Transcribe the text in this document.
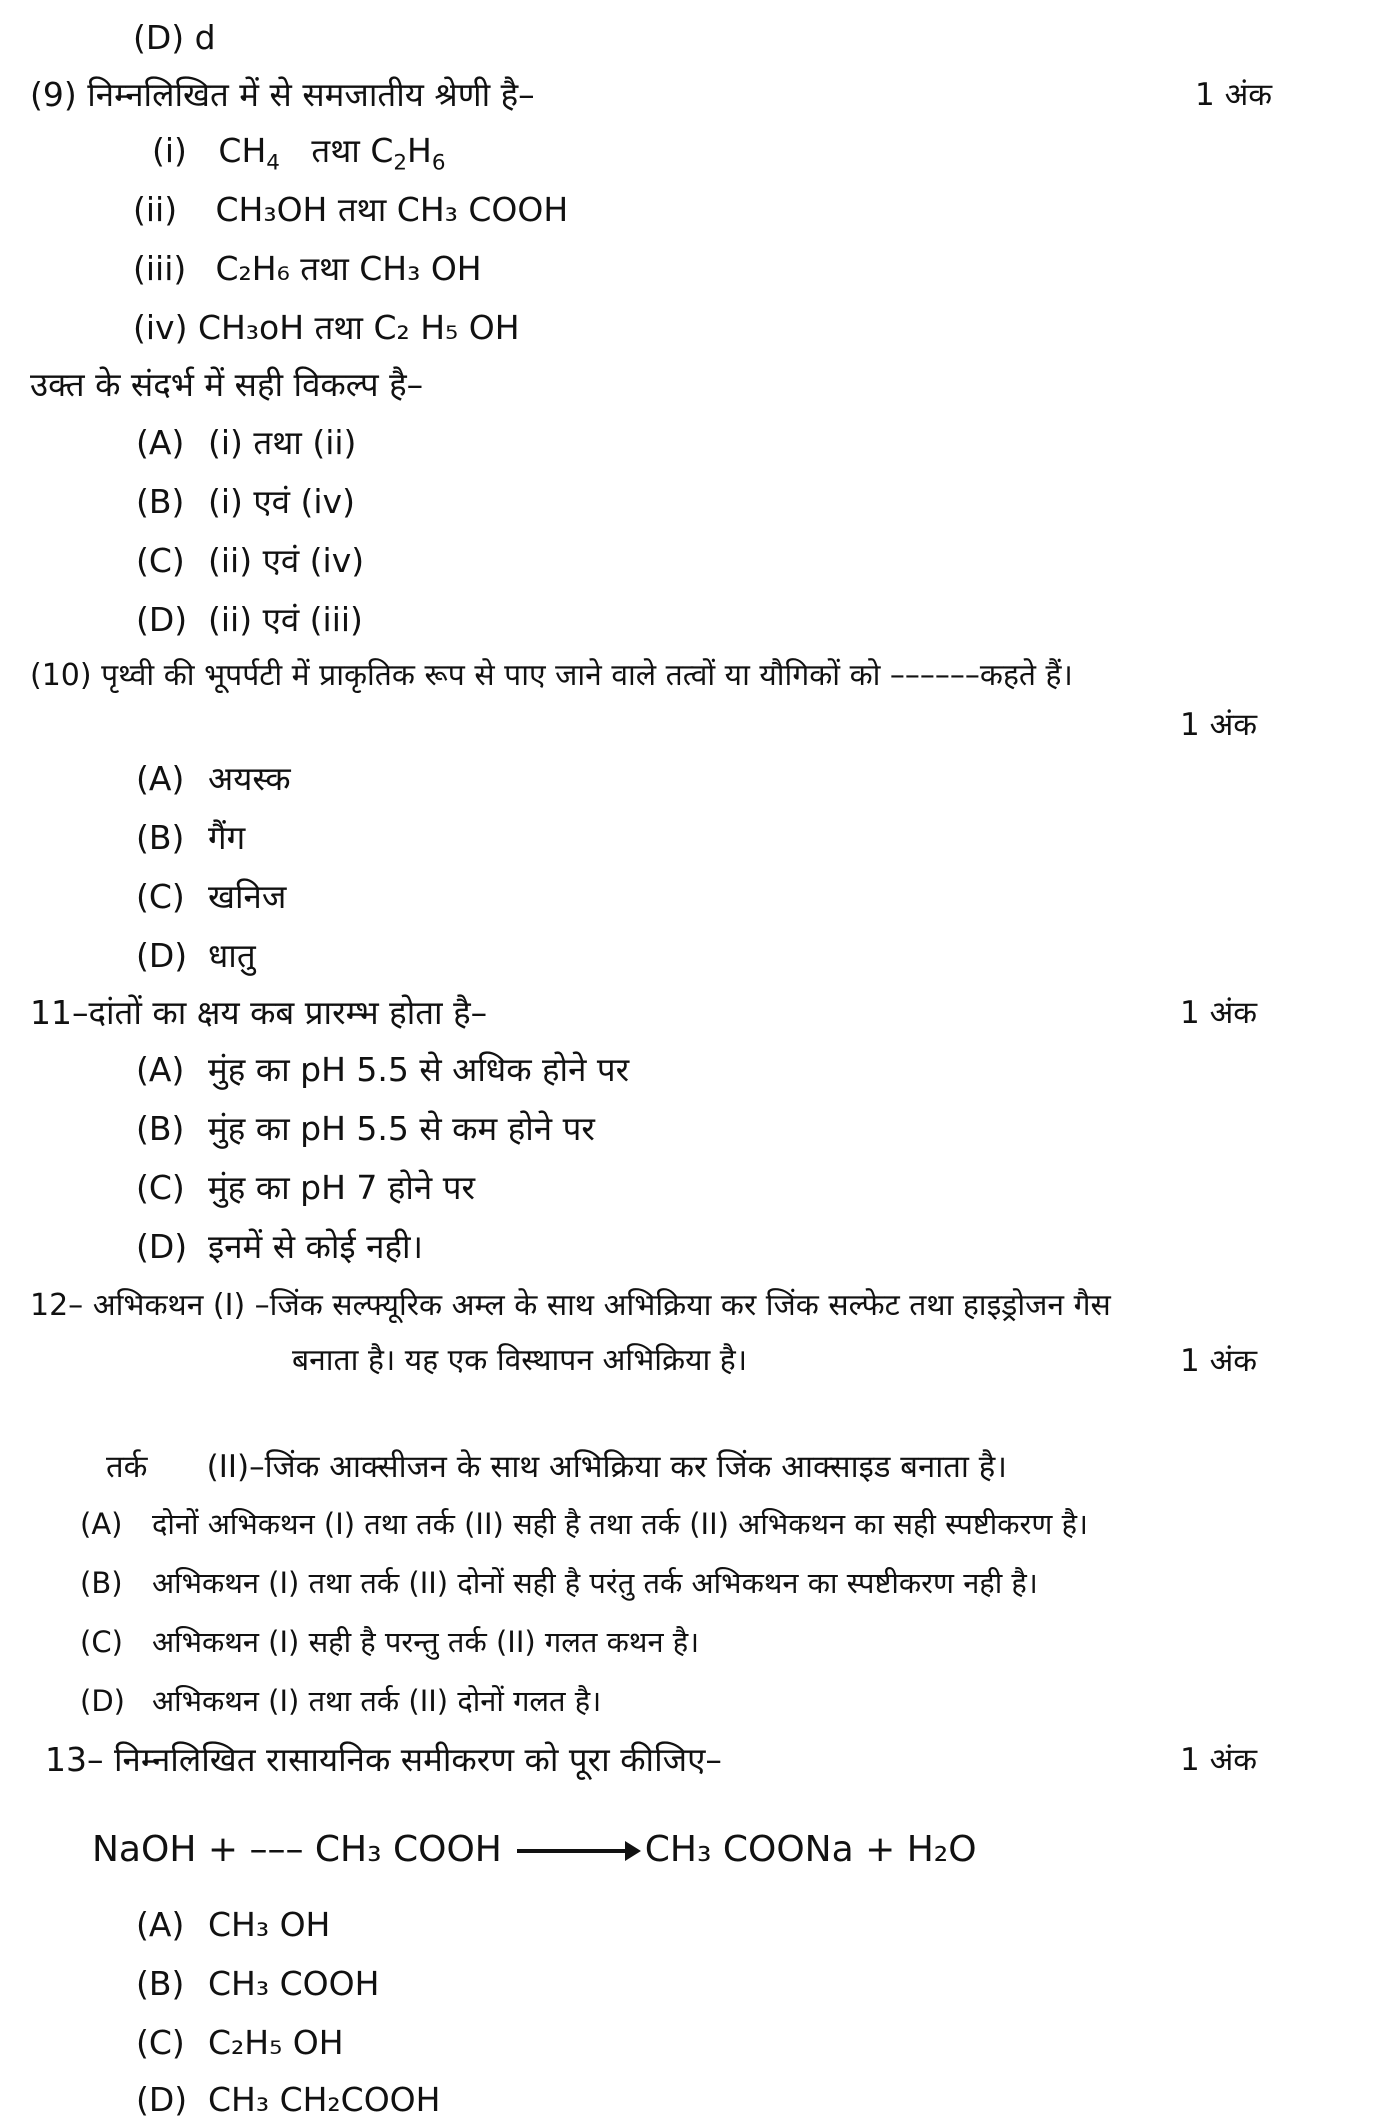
(D) d
(9) निम्नलिखित में से समजातीय श्रेणी है–	1 अंक
(i) $CH_4$ तथा $C_2H_6$
(ii) CH₃OH तथा CH₃ COOH
(iii) C₂H₆ तथा CH₃ OH
(iv) CH₃oH तथा C₂ H₅ OH
उक्त के संदर्भ में सही विकल्प है–
(A) (i) तथा (ii)
(B) (i) एवं (iv)
(C) (ii) एवं (iv)
(D) (ii) एवं (iii)
(10) पृथ्वी की भूपर्पटी में प्राकृतिक रूप से पाए जाने वाले तत्वों या यौगिकों को ––––––कहते हैं।
1 अंक
(A) अयस्क
(B) गैंग
(C) खनिज
(D) धातु
11–दांतों का क्षय कब प्रारम्भ होता है–	1 अंक
(A) मुंह का pH 5.5 से अधिक होने पर
(B) मुंह का pH 5.5 से कम होने पर
(C) मुंह का pH 7 होने पर
(D) इनमें से कोई नही।
12– अभिकथन (I) –जिंक सल्फ्यूरिक अम्ल के साथ अभिक्रिया कर जिंक सल्फेट तथा हाइड्रोजन गैस
बनाता है। यह एक विस्थापन अभिक्रिया है।	1 अंक
तर्क (II)–जिंक आक्सीजन के साथ अभिक्रिया कर जिंक आक्साइड बनाता है।
(A) दोनों अभिकथन (I) तथा तर्क (II) सही है तथा तर्क (II) अभिकथन का सही स्पष्टीकरण है।
(B) अभिकथन (I) तथा तर्क (II) दोनों सही है परंतु तर्क अभिकथन का स्पष्टीकरण नही है।
(C) अभिकथन (I) सही है परन्तु तर्क (II) गलत कथन है।
(D) अभिकथन (I) तथा तर्क (II) दोनों गलत है।
13– निम्नलिखित रासायनिक समीकरण को पूरा कीजिए–	1 अंक
NaOH + ––– CH₃ COOH → CH₃ COONa + H₂O
(A) CH₃ OH
(B) CH₃ COOH
(C) C₂H₅ OH
(D) CH₃ CH₂COOH
